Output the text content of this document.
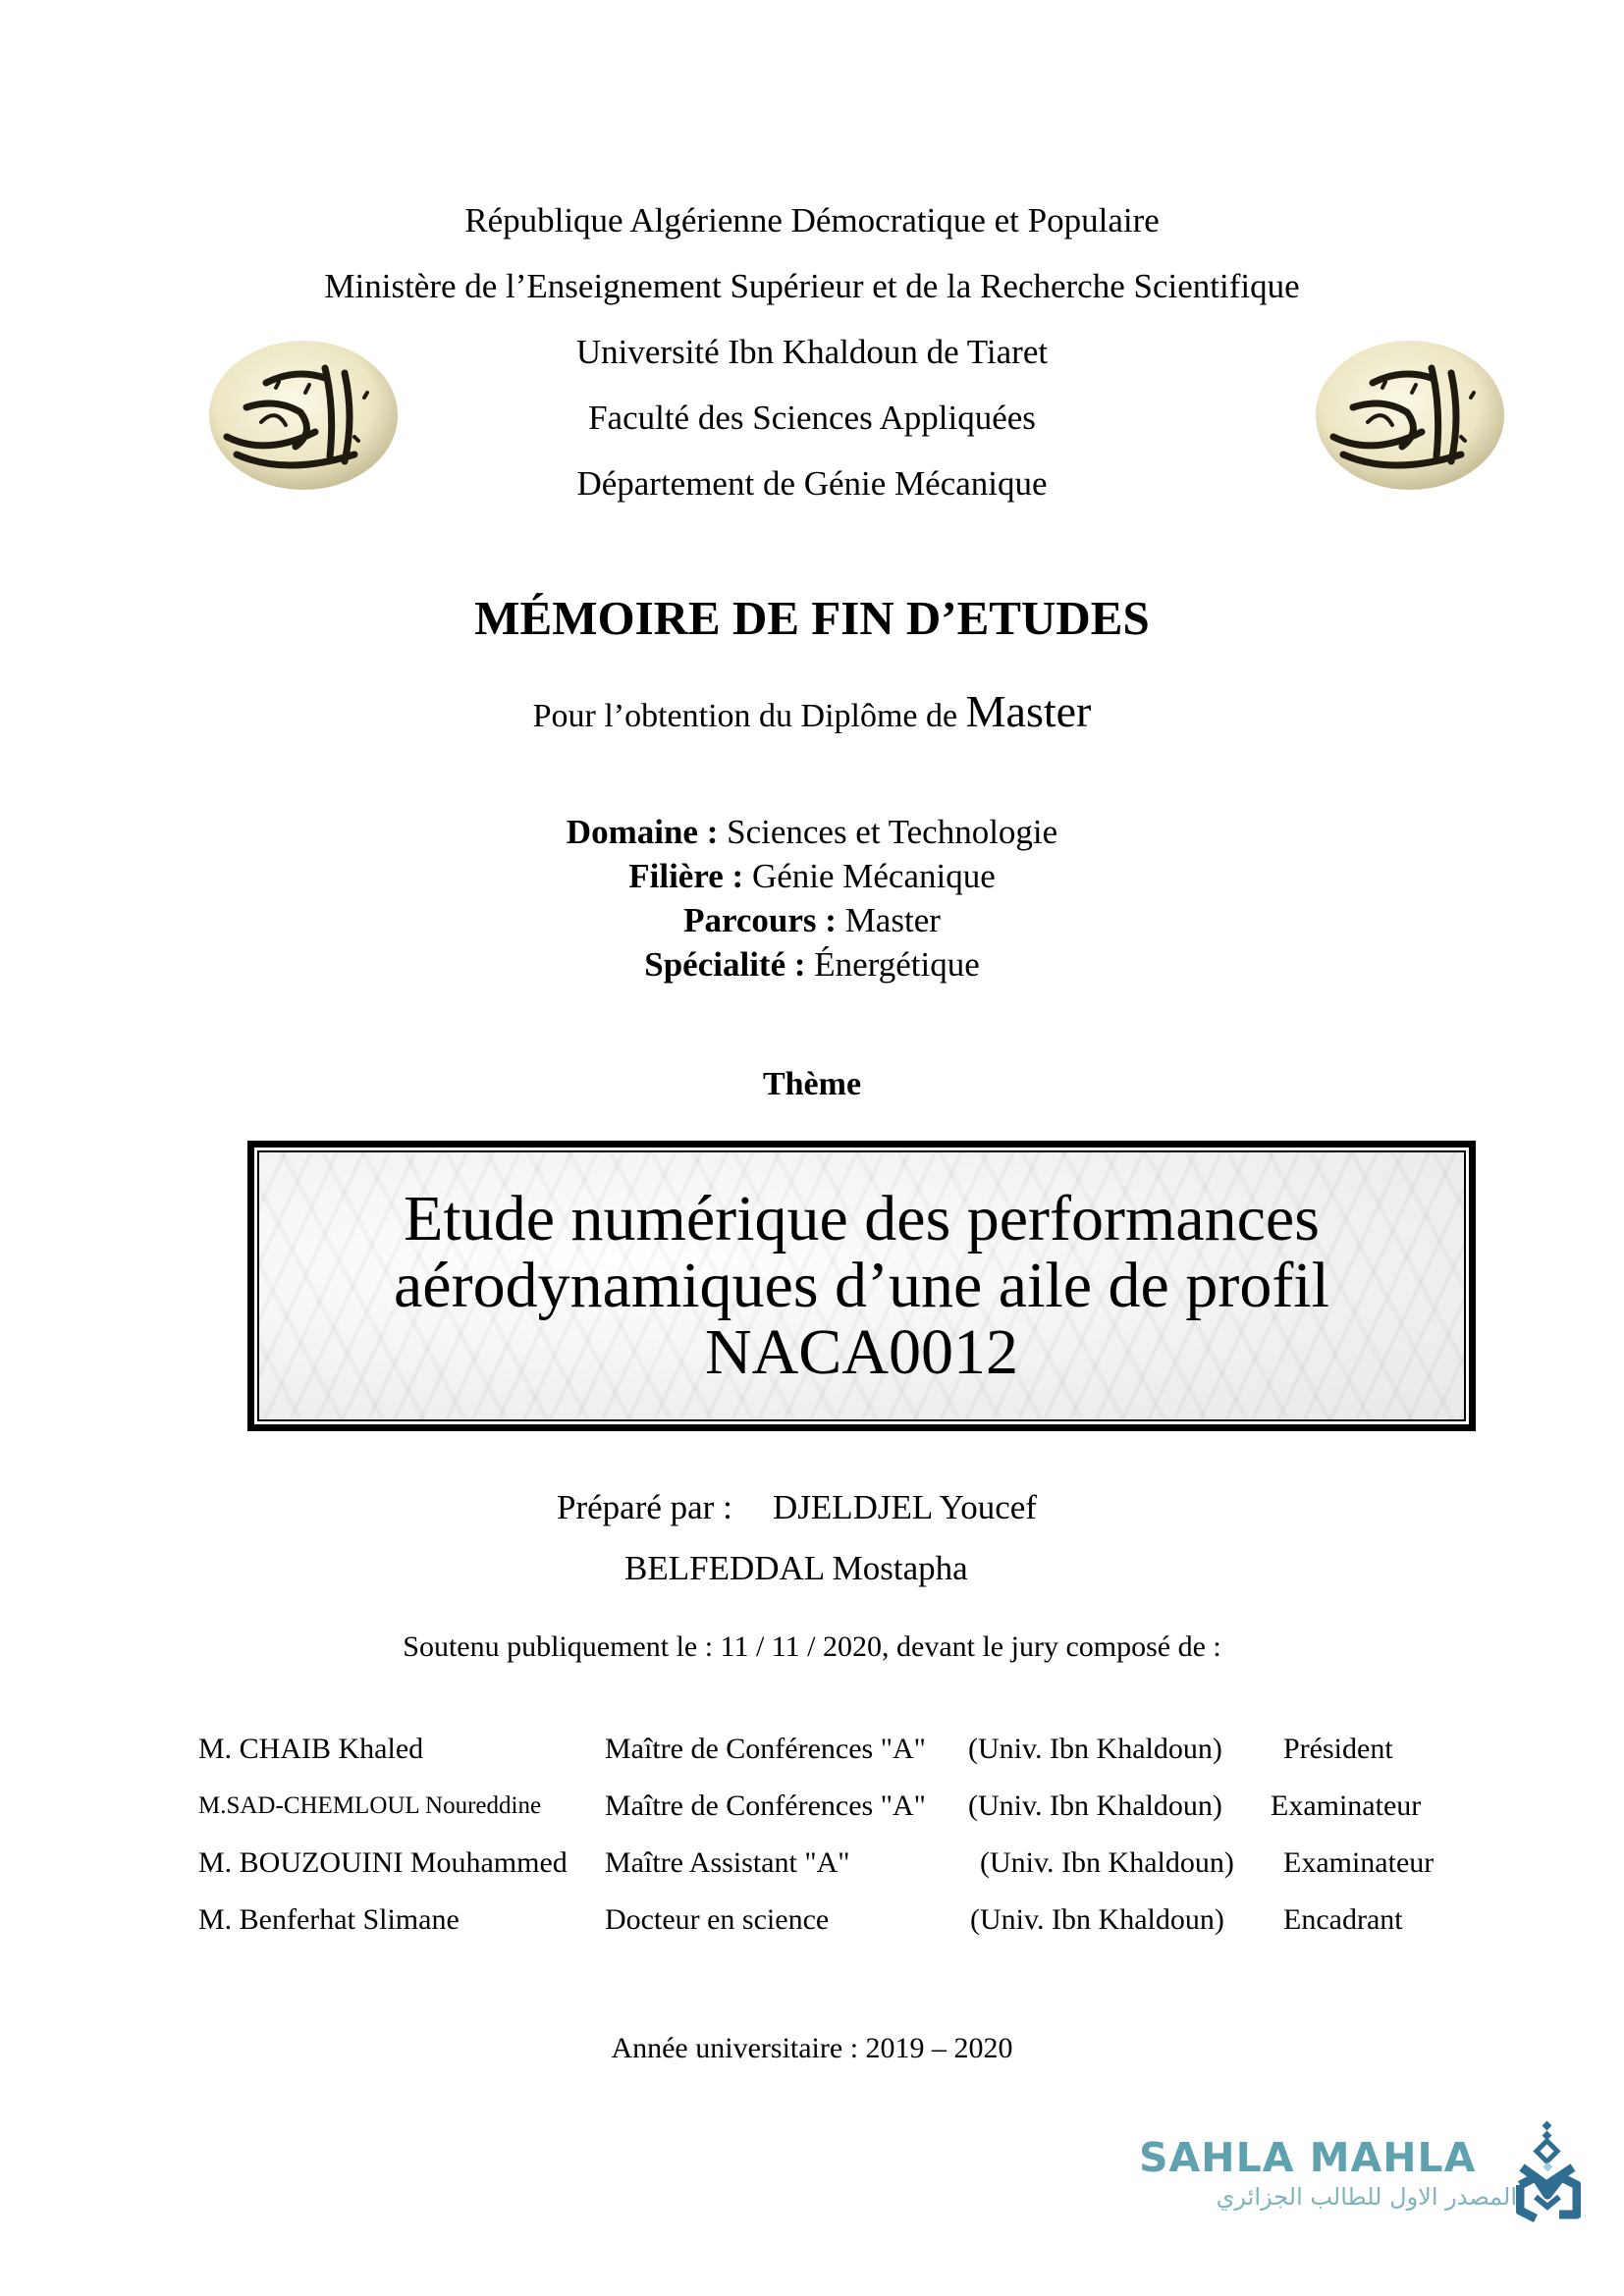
République Algérienne Démocratique et Populaire
Ministère de l’Enseignement Supérieur et de la Recherche Scientifique
Université Ibn Khaldoun de Tiaret
Faculté des Sciences Appliquées
Département de Génie Mécanique
MÉMOIRE DE FIN D’ETUDES
Pour l’obtention du Diplôme de Master
Domaine : Sciences et Technologie
Filière : Génie Mécanique
Parcours : Master
Spécialité : Énergétique
Thème
Etude numérique des performances
aérodynamiques d’une aile de profil
NACA0012
Préparé par : DJELDJEL Youcef
BELFEDDAL Mostapha
Soutenu publiquement le : 11 / 11 / 2020, devant le jury composé de :
M. CHAIB Khaled	Maître de Conférences "A" (Univ. Ibn Khaldoun) Président
M.SAD-CHEMLOUL Noureddine Maître de Conférences "A" (Univ. Ibn Khaldoun) Examinateur
M. BOUZOUINI Mouhammed Maître Assistant "A"	(Univ. Ibn Khaldoun) Examinateur
M. Benferhat Slimane	Docteur en science	(Univ. Ibn Khaldoun) Encadrant
Année universitaire : 2019 – 2020
SAHLA MAHLA
المصدر الاول للطالب الجزائري
